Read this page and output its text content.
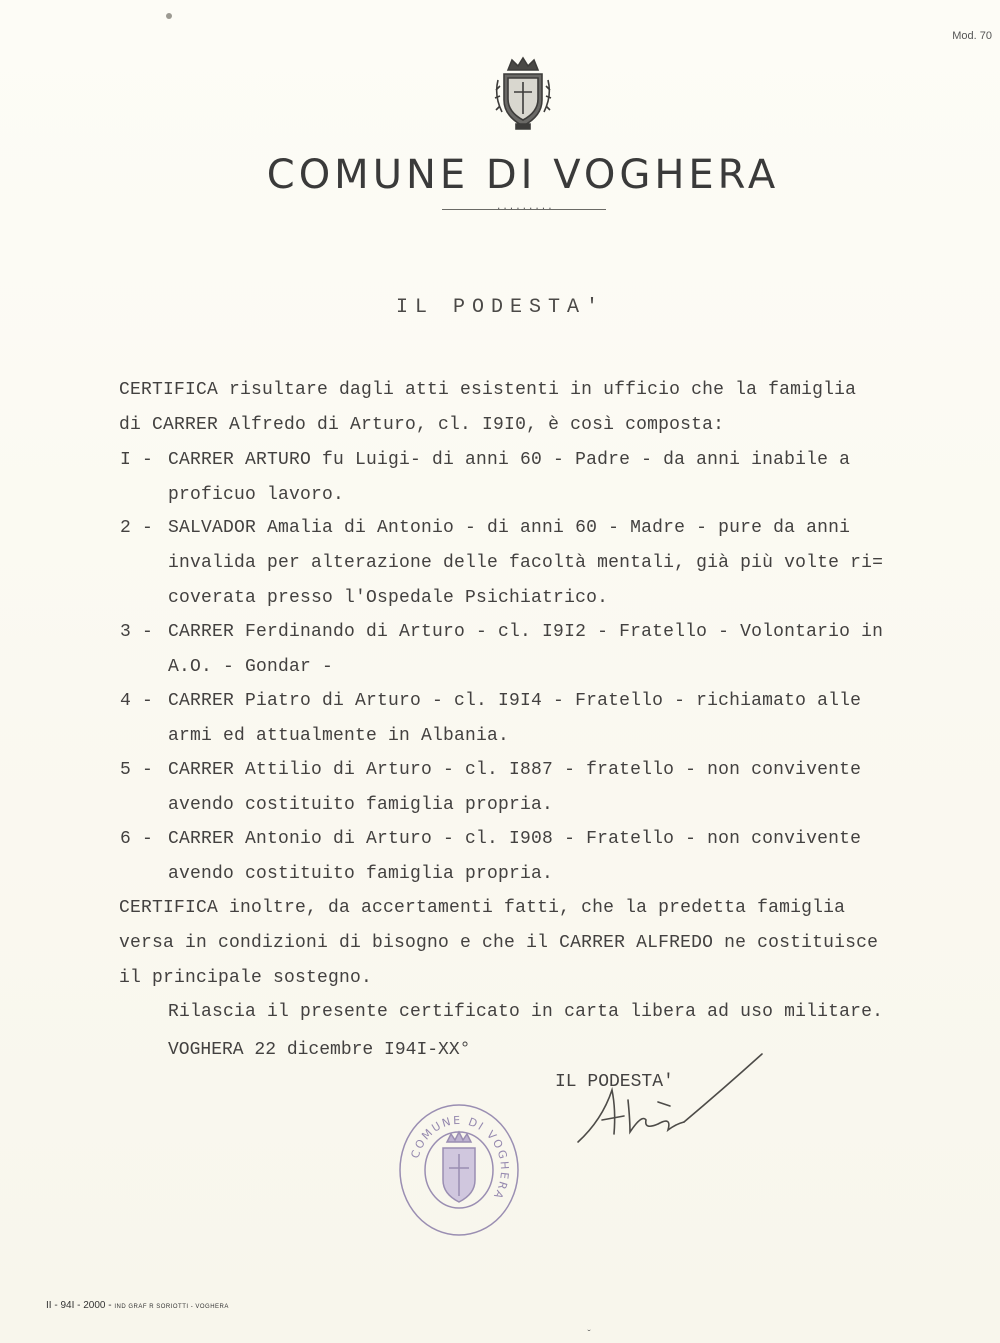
Mod. 70
COMUNE DI VOGHERA
·········
IL PODESTA'
CERTIFICA risultare dagli atti esistenti in ufficio che la famiglia
di CARRER Alfredo di Arturo, cl. I9I0, è così composta:
I - CARRER ARTURO fu Luigi- di anni 60 - Padre - da anni inabile a
proficuo lavoro.
2 - SALVADOR Amalia di Antonio - di anni 60 - Madre - pure da anni
invalida per alterazione delle facoltà mentali, già più volte ri=
coverata presso l'Ospedale Psichiatrico.
3 - CARRER Ferdinando di Arturo - cl. I9I2 - Fratello - Volontario in
A.O. - Gondar -
4 - CARRER Piatro di Arturo - cl. I9I4 - Fratello - richiamato alle
armi ed attualmente in Albania.
5 - CARRER Attilio di Arturo - cl. I887 - fratello - non convivente
avendo costituito famiglia propria.
6 - CARRER Antonio di Arturo - cl. I908 - Fratello - non convivente
avendo costituito famiglia propria.
CERTIFICA inoltre, da accertamenti fatti, che la predetta famiglia
versa in condizioni di bisogno e che il CARRER ALFREDO ne costituisce
il principale sostegno.
Rilascia il presente certificato in carta libera ad uso militare.
VOGHERA 22 dicembre I94I-XX°
IL PODESTA'
COMUNE DI VOGHERA
II - 94I - 2000 - IND GRAF R SORIOTTI - VOGHERA
ˇ
